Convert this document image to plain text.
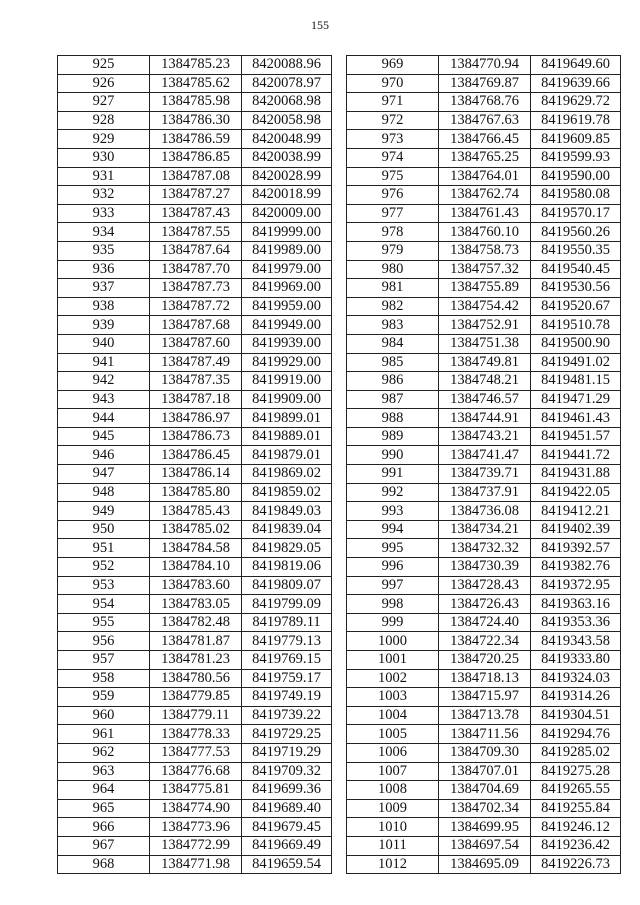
155
925	1384785.23	8420088.96
926	1384785.62	8420078.97
927	1384785.98	8420068.98
928	1384786.30	8420058.98
929	1384786.59	8420048.99
930	1384786.85	8420038.99
931	1384787.08	8420028.99
932	1384787.27	8420018.99
933	1384787.43	8420009.00
934	1384787.55	8419999.00
935	1384787.64	8419989.00
936	1384787.70	8419979.00
937	1384787.73	8419969.00
938	1384787.72	8419959.00
939	1384787.68	8419949.00
940	1384787.60	8419939.00
941	1384787.49	8419929.00
942	1384787.35	8419919.00
943	1384787.18	8419909.00
944	1384786.97	8419899.01
945	1384786.73	8419889.01
946	1384786.45	8419879.01
947	1384786.14	8419869.02
948	1384785.80	8419859.02
949	1384785.43	8419849.03
950	1384785.02	8419839.04
951	1384784.58	8419829.05
952	1384784.10	8419819.06
953	1384783.60	8419809.07
954	1384783.05	8419799.09
955	1384782.48	8419789.11
956	1384781.87	8419779.13
957	1384781.23	8419769.15
958	1384780.56	8419759.17
959	1384779.85	8419749.19
960	1384779.11	8419739.22
961	1384778.33	8419729.25
962	1384777.53	8419719.29
963	1384776.68	8419709.32
964	1384775.81	8419699.36
965	1384774.90	8419689.40
966	1384773.96	8419679.45
967	1384772.99	8419669.49
968	1384771.98	8419659.54
969	1384770.94	8419649.60
970	1384769.87	8419639.66
971	1384768.76	8419629.72
972	1384767.63	8419619.78
973	1384766.45	8419609.85
974	1384765.25	8419599.93
975	1384764.01	8419590.00
976	1384762.74	8419580.08
977	1384761.43	8419570.17
978	1384760.10	8419560.26
979	1384758.73	8419550.35
980	1384757.32	8419540.45
981	1384755.89	8419530.56
982	1384754.42	8419520.67
983	1384752.91	8419510.78
984	1384751.38	8419500.90
985	1384749.81	8419491.02
986	1384748.21	8419481.15
987	1384746.57	8419471.29
988	1384744.91	8419461.43
989	1384743.21	8419451.57
990	1384741.47	8419441.72
991	1384739.71	8419431.88
992	1384737.91	8419422.05
993	1384736.08	8419412.21
994	1384734.21	8419402.39
995	1384732.32	8419392.57
996	1384730.39	8419382.76
997	1384728.43	8419372.95
998	1384726.43	8419363.16
999	1384724.40	8419353.36
1000	1384722.34	8419343.58
1001	1384720.25	8419333.80
1002	1384718.13	8419324.03
1003	1384715.97	8419314.26
1004	1384713.78	8419304.51
1005	1384711.56	8419294.76
1006	1384709.30	8419285.02
1007	1384707.01	8419275.28
1008	1384704.69	8419265.55
1009	1384702.34	8419255.84
1010	1384699.95	8419246.12
1011	1384697.54	8419236.42
1012	1384695.09	8419226.73
